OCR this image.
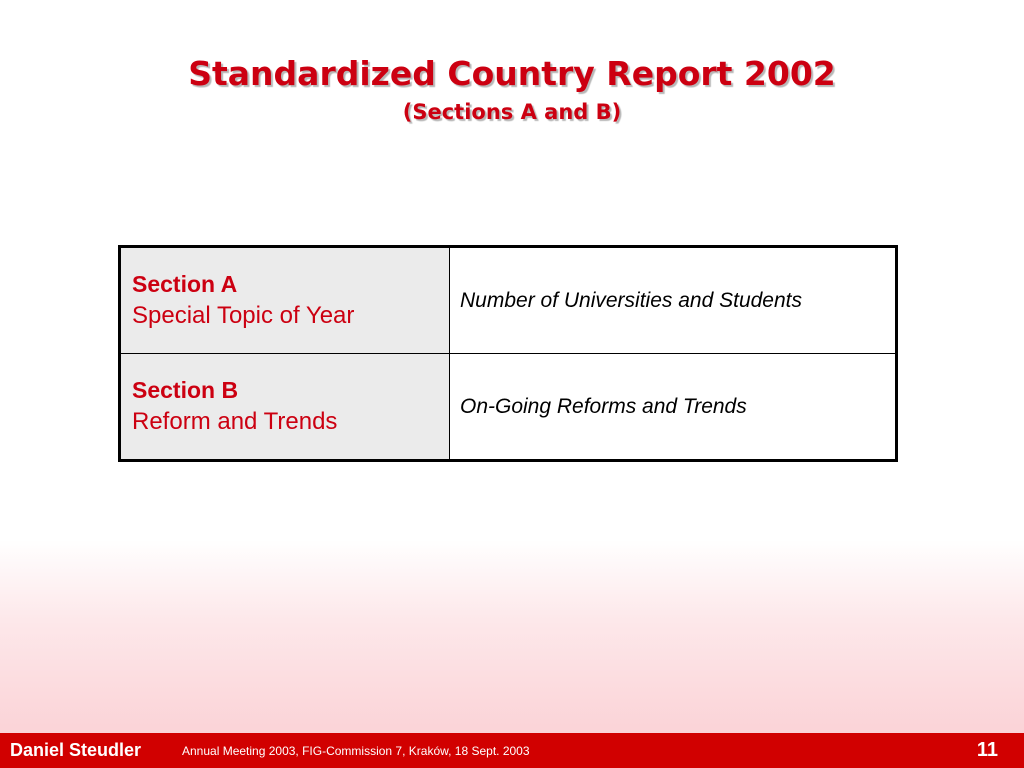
Standardized Country Report 2002
(Sections A and B)
Section A
Special Topic of Year	Number of Universities and Students

Section B
Reform and Trends	On-Going Reforms and Trends
Daniel Steudler	Annual Meeting 2003, FIG-Commission 7, Kraków, 18 Sept. 2003	11
